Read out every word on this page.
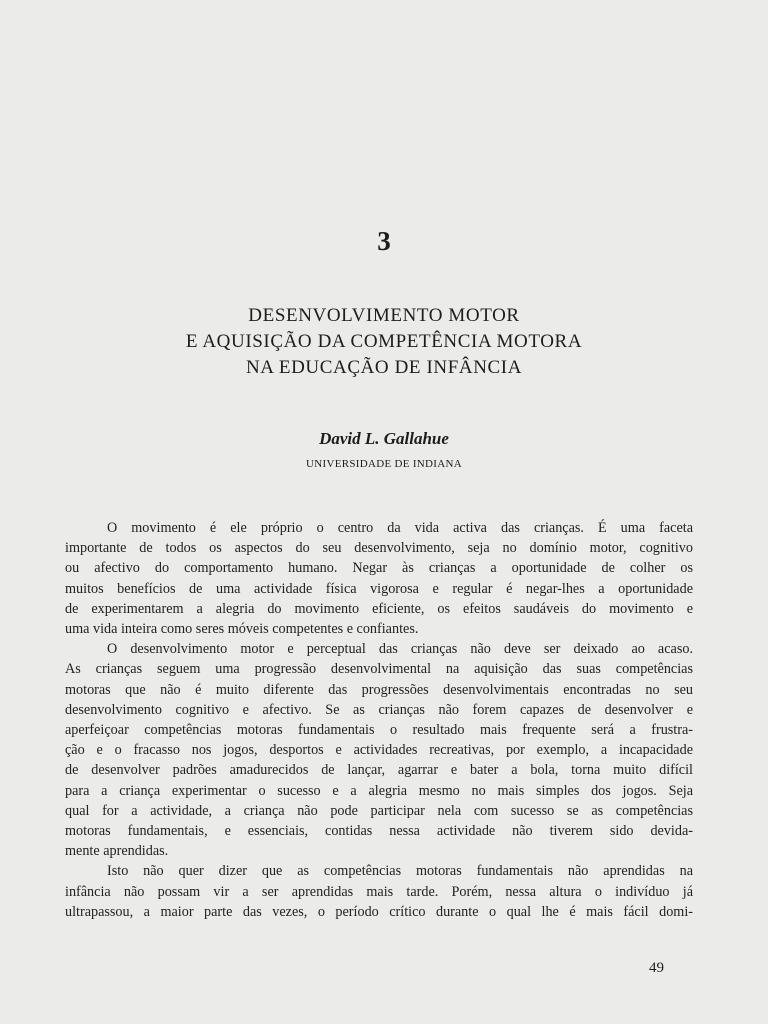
3
DESENVOLVIMENTO MOTOR
E AQUISIÇÃO DA COMPETÊNCIA MOTORA
NA EDUCAÇÃO DE INFÂNCIA
David L. Gallahue
UNIVERSIDADE DE INDIANA
O movimento é ele próprio o centro da vida activa das crianças. É uma faceta
importante de todos os aspectos do seu desenvolvimento, seja no domínio motor, cognitivo
ou afectivo do comportamento humano. Negar às crianças a oportunidade de colher os
muitos benefícios de uma actividade física vigorosa e regular é negar-lhes a oportunidade
de experimentarem a alegria do movimento eficiente, os efeitos saudáveis do movimento e
uma vida inteira como seres móveis competentes e confiantes.
O desenvolvimento motor e perceptual das crianças não deve ser deixado ao acaso.
As crianças seguem uma progressão desenvolvimental na aquisição das suas competências
motoras que não é muito diferente das progressões desenvolvimentais encontradas no seu
desenvolvimento cognitivo e afectivo. Se as crianças não forem capazes de desenvolver e
aperfeiçoar competências motoras fundamentais o resultado mais frequente será a frustra-
ção e o fracasso nos jogos, desportos e actividades recreativas, por exemplo, a incapacidade
de desenvolver padrões amadurecidos de lançar, agarrar e bater a bola, torna muito difícil
para a criança experimentar o sucesso e a alegria mesmo no mais simples dos jogos. Seja
qual for a actividade, a criança não pode participar nela com sucesso se as competências
motoras fundamentais, e essenciais, contidas nessa actividade não tiverem sido devida-
mente aprendidas.
Isto não quer dizer que as competências motoras fundamentais não aprendidas na
infância não possam vir a ser aprendidas mais tarde. Porém, nessa altura o indivíduo já
ultrapassou, a maior parte das vezes, o período crítico durante o qual lhe é mais fácil domi-
49
